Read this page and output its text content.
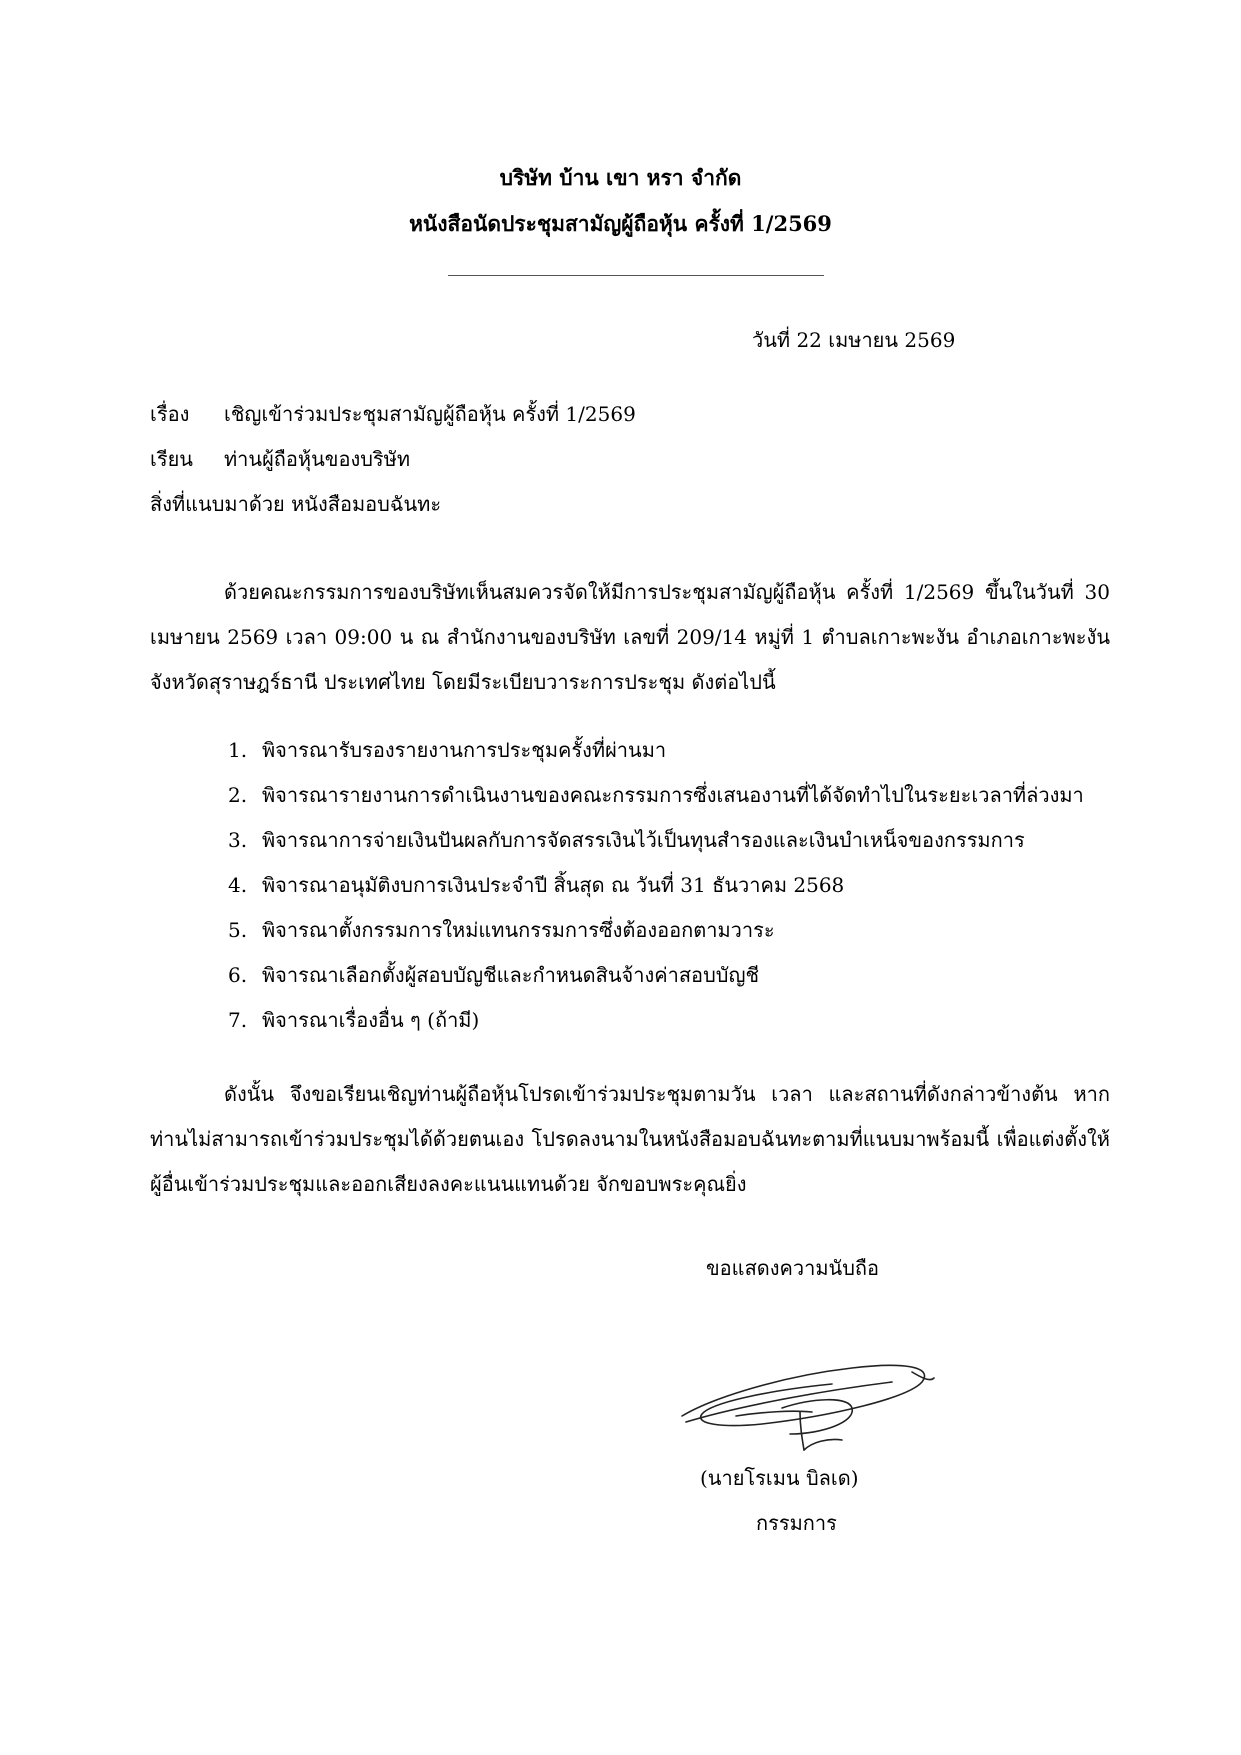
บริษัท บ้าน เขา หรา จำกัด
หนังสือนัดประชุมสามัญผู้ถือหุ้น ครั้งที่ 1/2569
วันที่ 22 เมษายน 2569
เรื่อง เชิญเข้าร่วมประชุมสามัญผู้ถือหุ้น ครั้งที่ 1/2569
เรียน ท่านผู้ถือหุ้นของบริษัท
สิ่งที่แนบมาด้วย หนังสือมอบฉันทะ

ด้วยคณะกรรมการของบริษัทเห็นสมควรจัดให้มีการประชุมสามัญผู้ถือหุ้น ครั้งที่ 1/2569 ขึ้นในวันที่ 30 เมษายน 2569 เวลา 09:00 น ณ สำนักงานของบริษัท เลขที่ 209/14 หมู่ที่ 1 ตำบลเกาะพะงัน อำเภอเกาะพะงัน จังหวัดสุราษฎร์ธานี ประเทศไทย โดยมีระเบียบวาระการประชุม ดังต่อไปนี้

1. พิจารณารับรองรายงานการประชุมครั้งที่ผ่านมา
2. พิจารณารายงานการดำเนินงานของคณะกรรมการซึ่งเสนองานที่ได้จัดทำไปในระยะเวลาที่ล่วงมา
3. พิจารณาการจ่ายเงินปันผลกับการจัดสรรเงินไว้เป็นทุนสำรองและเงินบำเหน็จของกรรมการ
4. พิจารณาอนุมัติงบการเงินประจำปี สิ้นสุด ณ วันที่ 31 ธันวาคม 2568
5. พิจารณาตั้งกรรมการใหม่แทนกรรมการซึ่งต้องออกตามวาระ
6. พิจารณาเลือกตั้งผู้สอบบัญชีและกำหนดสินจ้างค่าสอบบัญชี
7. พิจารณาเรื่องอื่น ๆ (ถ้ามี)

ดังนั้น จึงขอเรียนเชิญท่านผู้ถือหุ้นโปรดเข้าร่วมประชุมตามวัน เวลา และสถานที่ดังกล่าวข้างต้น หากท่านไม่สามารถเข้าร่วมประชุมได้ด้วยตนเอง โปรดลงนามในหนังสือมอบฉันทะตามที่แนบมาพร้อมนี้ เพื่อแต่งตั้งให้ผู้อื่นเข้าร่วมประชุมและออกเสียงลงคะแนนแทนด้วย จักขอบพระคุณยิ่ง

ขอแสดงความนับถือ
(นายโรเมน บิลเด)
กรรมการ
